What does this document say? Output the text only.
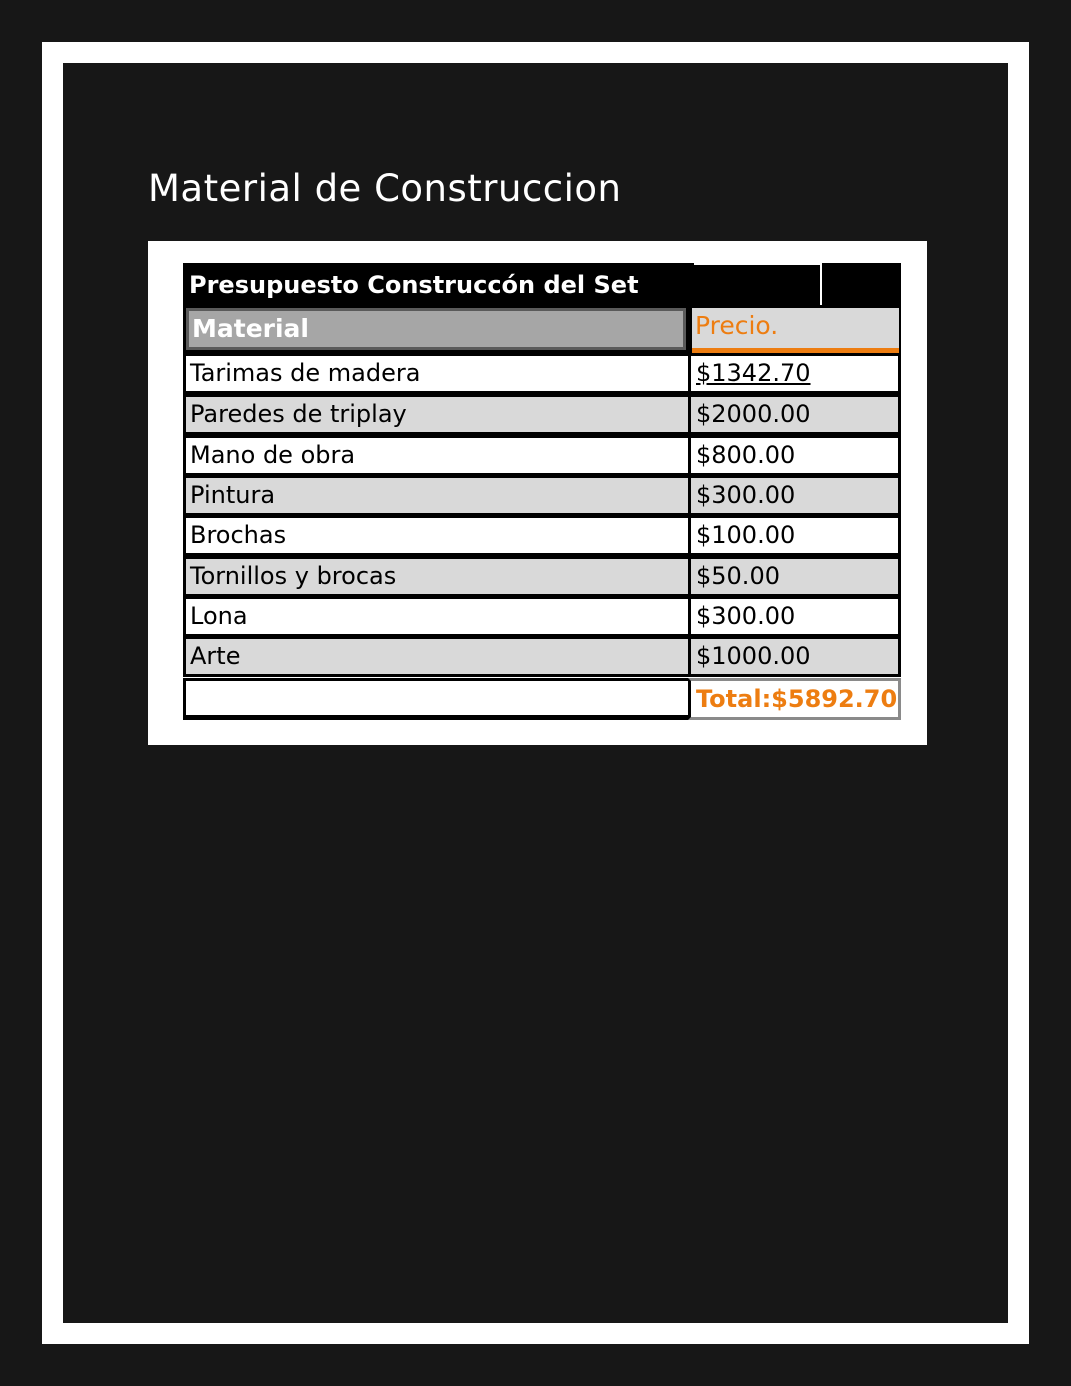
Material de Construccion
Presupuesto Construccón del Set
Material	Precio.
Tarimas de madera	$1342.70
Paredes de triplay	$2000.00
Mano de obra	$800.00
Pintura	$300.00
Brochas	$100.00
Tornillos y brocas	$50.00
Lona	$300.00
Arte	$1000.00
Total:$5892.70
